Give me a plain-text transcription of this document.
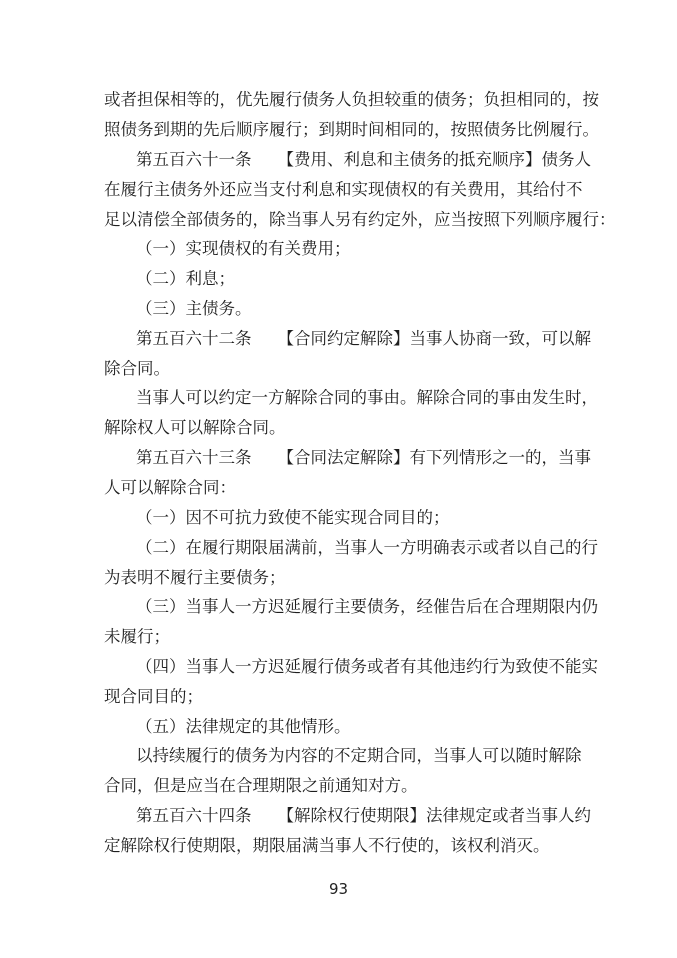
或者担保相等的，优先履行债务人负担较重的债务；负担相同的，按
照债务到期的先后顺序履行；到期时间相同的，按照债务比例履行。
第五百六十一条 【费用、利息和主债务的抵充顺序】债务人
在履行主债务外还应当支付利息和实现债权的有关费用，其给付不
足以清偿全部债务的，除当事人另有约定外，应当按照下列顺序履行：
（一）实现债权的有关费用；
（二）利息；
（三）主债务。
第五百六十二条 【合同约定解除】当事人协商一致，可以解
除合同。
当事人可以约定一方解除合同的事由。解除合同的事由发生时，
解除权人可以解除合同。
第五百六十三条 【合同法定解除】有下列情形之一的，当事
人可以解除合同：
（一）因不可抗力致使不能实现合同目的；
（二）在履行期限届满前，当事人一方明确表示或者以自己的行
为表明不履行主要债务；
（三）当事人一方迟延履行主要债务，经催告后在合理期限内仍
未履行；
（四）当事人一方迟延履行债务或者有其他违约行为致使不能实
现合同目的；
（五）法律规定的其他情形。
以持续履行的债务为内容的不定期合同，当事人可以随时解除
合同，但是应当在合理期限之前通知对方。
第五百六十四条 【解除权行使期限】法律规定或者当事人约
定解除权行使期限，期限届满当事人不行使的，该权利消灭。
93
